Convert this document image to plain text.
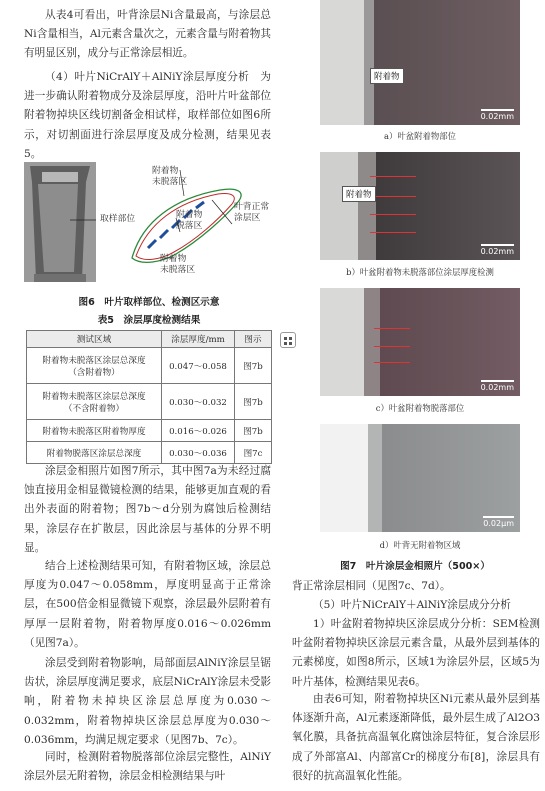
从表4可看出，叶背涂层Ni含量最高，与涂层总Ni含量相当，Al元素含量次之，元素含量与附着物其有明显区别，成分与正常涂层相近。

（4）叶片NiCrAlY＋AlNiY涂层厚度分析　为进一步确认附着物成分及涂层厚度，沿叶片叶盆部位附着物掉块区线切割备金相试样，取样部位如图6所示，对切割面进行涂层厚度及成分检测，结果见表5。

取样部位
附着物
未脱落区
附着物
脱落区
叶背正常
涂层区
附着物
未脱落区
图6　叶片取样部位、检测区示意
表5　涂层厚度检测结果
测试区域	涂层厚度/mm	图示
附着物未脱落区涂层总深度
（含附着物）	0.047～0.058	图7b
附着物未脱落区涂层总深度
（不含附着物）	0.030～0.032	图7b
附着物未脱落区附着物厚度	0.016～0.026	图7b
附着物脱落区涂层总深度	0.030～0.036	图7c

涂层金相照片如图7所示，其中图7a为未经过腐蚀直接用金相显微镜检测的结果，能够更加直观的看出外表面的附着物；图7b～d分别为腐蚀后检测结果，涂层存在扩散层，因此涂层与基体的分界不明显。

结合上述检测结果可知，有附着物区域，涂层总厚度为0.047～0.058mm，厚度明显高于正常涂层，在500倍金相显微镜下观察，涂层最外层附着有厚厚一层附着物，附着物厚度0.016～0.026mm（见图7a）。

涂层受到附着物影响，局部面层AlNiY涂层呈锯齿状，涂层厚度满足要求，底层NiCrAlY涂层未受影响，附着物未掉块区涂层总厚度为0.030～0.032mm，附着物掉块区涂层总厚度为0.030～0.036mm，均满足规定要求（见图7b、7c）。

同时，检测附着物脱落部位涂层完整性，AlNiY涂层外层无附着物，涂层金相检测结果与叶

附着物
0.02mm
a）叶盆附着物部位
附着物
0.02mm
b）叶盆附着物未脱落部位涂层厚度检测
0.02mm
c）叶盆附着物脱落部位
0.02μm
d）叶背无附着物区域
图7　叶片涂层金相照片（500×）

背正常涂层相同（见图7c、7d）。

（5）叶片NiCrAlY＋AlNiY涂层成分分析

1）叶盆附着物掉块区涂层成分分析：SEM检测叶盆附着物掉块区涂层元素含量，从最外层到基体的元素梯度，如图8所示，区域1为涂层外层，区域5为叶片基体，检测结果见表6。

由表6可知，附着物掉块区Ni元素从最外层到基体逐渐升高，Al元素逐渐降低，最外层生成了Al2O3氧化膜，具备抗高温氧化腐蚀涂层特征，复合涂层形成了外部富Al、内部富Cr的梯度分布[8]，涂层具有很好的抗高温氧化性能。
